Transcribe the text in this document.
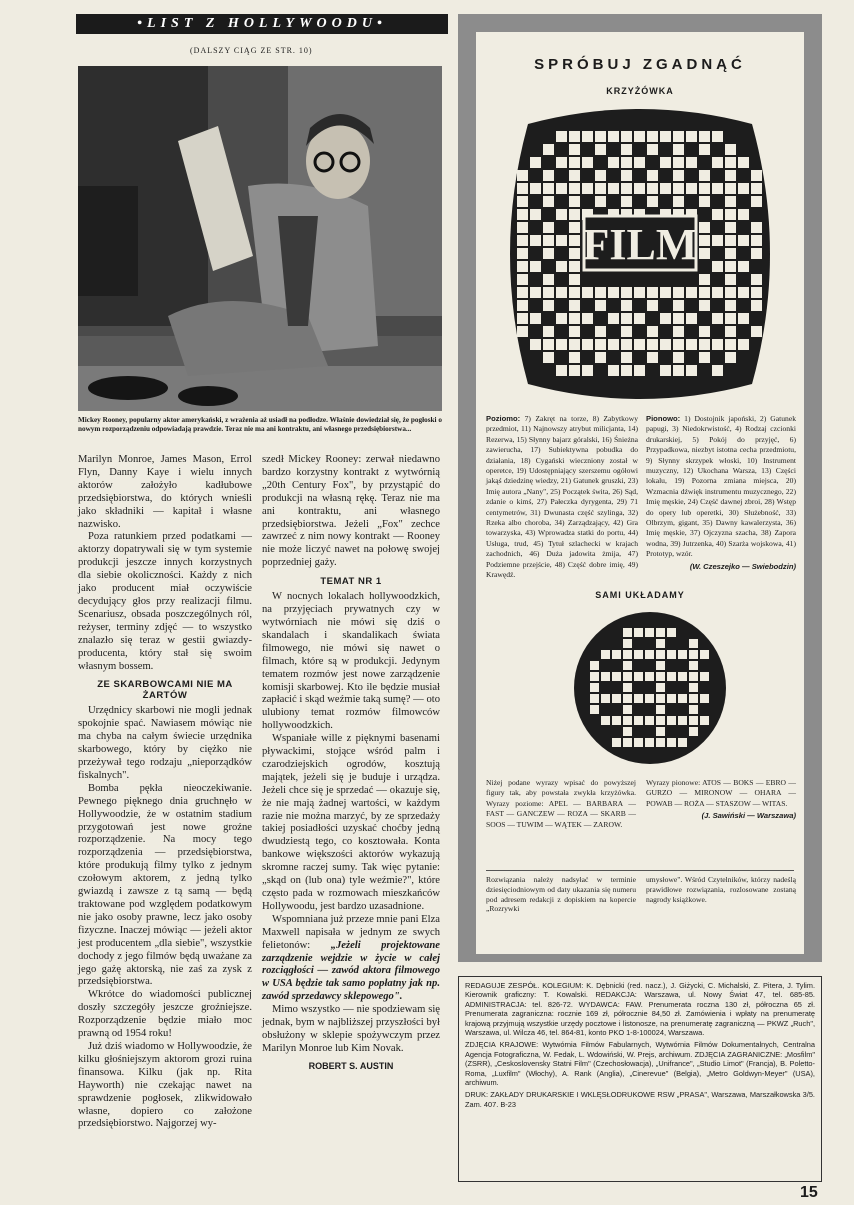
•LIST Z HOLLYWOODU•
(DALSZY CIĄG ZE STR. 10)
Mickey Rooney, popularny aktor amerykański, z wrażenia aż usiadł na podłodze. Właśnie dowiedział się, że pogłoski o nowym rozporządzeniu odpowiadają prawdzie. Teraz nie ma ani kontraktu, ani własnego przedsiębiorstwa...

Marilyn Monroe, James Mason, Errol Flyn, Danny Kaye i wielu innych aktorów założyło kadłubowe przedsiębiorstwa, do których wnieśli jako składniki — kapitał i własne nazwisko.

Poza ratunkiem przed podatkami — aktorzy dopatrywali się w tym systemie produkcji jeszcze innych korzystnych dla siebie okoliczności. Każdy z nich jako producent miał oczywiście decydujący głos przy realizacji filmu. Scenariusz, obsada poszczególnych ról, reżyser, terminy zdjęć — to wszystko znalazło się teraz w gestii gwiazdy-producenta, który stał się swoim własnym bossem.

ZE SKARBOWCAMI NIE MA ŻARTÓW

Urzędnicy skarbowi nie mogli jednak spokojnie spać. Nawiasem mówiąc nie ma chyba na całym świecie urzędnika skarbowego, który by ciężko nie przeżywał tego rodzaju „nieporządków fiskalnych".

Bomba pękła nieoczekiwanie. Pewnego pięknego dnia gruchnęło w Hollywoodzie, że w ostatnim stadium przygotowań jest nowe groźne rozporządzenie. Na mocy tego rozporządzenia — przedsiębiorstwa, które produkują filmy tylko z jednym czołowym aktorem, z jedną tylko gwiazdą i zawsze z tą samą — będą traktowane pod względem podatkowym nie jako osoby prawne, lecz jako osoby fizyczne. Inaczej mówiąc — jeżeli aktor jest producentem „dla siebie", wszystkie dochody z jego filmów będą uważane za jego gażę aktorską, nie zaś za zysk z przedsiębiorstwa.

Wkrótce do wiadomości publicznej doszły szczegóły jeszcze groźniejsze. Rozporządzenie będzie miało moc prawną od 1954 roku!

Już dziś wiadomo w Hollywoodzie, że kilku głośniejszym aktorom grozi ruina finansowa. Kilku (jak np. Rita Hayworth) nie czekając nawet na sprawdzenie pogłosek, zlikwidowało własne, dopiero co założone przedsiębiorstwo. Najgorzej wy-

szedł Mickey Rooney: zerwał niedawno bardzo korzystny kontrakt z wytwórnią „20th Century Fox", by przystąpić do produkcji na własną rękę. Teraz nie ma ani kontraktu, ani własnego przedsiębiorstwa. Jeżeli „Fox" zechce zawrzeć z nim nowy kontrakt — Rooney nie może liczyć nawet na połowę swojej poprzedniej gaży.

TEMAT NR 1

W nocnych lokalach hollywoodzkich, na przyjęciach prywatnych czy w wytwórniach nie mówi się dziś o skandalach i skandalikach świata filmowego, nie mówi się nawet o filmach, które są w produkcji. Jedynym tematem rozmów jest nowe zarządzenie komisji skarbowej. Kto ile będzie musiał zapłacić i skąd weźmie taką sumę? — oto ulubiony temat rozmów filmowców hollywoodzkich.

Wspaniałe wille z pięknymi basenami pływackimi, stojące wśród palm i czarodziejskich ogrodów, kosztują majątek, jeżeli się je buduje i urządza. Jeżeli chce się je sprzedać — okazuje się, że nie mają żadnej wartości, w każdym razie nie można marzyć, by ze sprzedaży takiej posiadłości uzyskać choćby jedną dwudziestą tego, co kosztowała. Konta bankowe większości aktorów wykazują skromne raczej sumy. Tak więc pytanie: „skąd on (lub ona) tyle weźmie?", które często pada w rozmowach mieszkańców Hollywoodu, jest bardzo uzasadnione.

Wspomniana już przeze mnie pani Elza Maxwell napisała w jednym ze swych felietonów: „Jeżeli projektowane zarządzenie wejdzie w życie w całej rozciągłości — zawód aktora filmowego w USA będzie tak samo popłatny jak np. zawód sprzedawcy sklepowego".

Mimo wszystko — nie spodziewam się jednak, bym w najbliższej przyszłości był obsłużony w sklepie spożywczym przez Marilyn Monroe lub Kim Novak.

ROBERT S. AUSTIN
SPRÓBUJ ZGADNĄĆ
KRZYŻÓWKA
FILM
Poziomo: 7) Zakręt na torze, 8) Zabytkowy przedmiot, 11) Najnowszy atrybut milicjanta, 14) Rezerwa, 15) Słynny bajarz góralski, 16) Śnieżna zawierucha, 17) Subiektywna pobudka do działania, 18) Cygański wieczniony został w operetce, 19) Udostępniający szerszemu ogółowi jakąś dziedzinę wiedzy, 21) Gatunek gruszki, 23) Imię autora „Nany", 25) Początek świta, 26) Sąd, zdanie o kimś, 27) Pałeczka dyrygenta, 29) 71 centymetrów, 31) Dwunasta część szylinga, 32) Rzeka albo choroba, 34) Zarządzający, 42) Gra towarzyska, 43) Wprowadza statki do portu, 44) Usługa, trud, 45) Tytuł szlachecki w krajach zachodnich, 46) Duża jadowita żmija, 47) Podziemne przejście, 48) Część dobre imię, 49) Krawędź.
Pionowo: 1) Dostojnik japoński, 2) Gatunek papugi, 3) Niedokrwistość, 4) Rodzaj czcionki drukarskiej, 5) Pokój do przyjęć, 6) Przypadkowa, niezbyt istotna cecha przedmiotu, 9) Słynny skrzypek włoski, 10) Instrument muzyczny, 12) Ukochana Warsza, 13) Części lokalu, 19) Pozorna zmiana miejsca, 20) Wzmacnia dźwięk instrumentu muzycznego, 22) Imię męskie, 24) Część dawnej zbroi, 28) Wstęp do opery lub operetki, 30) Służebność, 33) Olbrzym, gigant, 35) Dawny kawalerzysta, 36) Imię męskie, 37) Ojczyzna szacha, 38) Zapora wodna, 39) Jutrzenka, 40) Szarża wojskowa, 41) Prototyp, wzór.
(W. Czeszejko — Swiebodzin)
SAMI UKŁADAMY
Niżej podane wyrazy wpisać do powyższej figury tak, aby powstała zwykła krzyżówka. Wyrazy poziome: APEL — BARBARA — FAST — GANCZEW — ROZA — SKARB — SOOS — TUWIM — WĄTEK — ZAROW.
Wyrazy pionowe: ATOS — BOKS — EBRO — GURZO — MIRONOW — OHARA — POWAB — ROŻA — STASZOW — WITAS.
(J. Sawiński — Warszawa)
Rozwiązania należy nadsyłać w terminie dziesięciodniowym od daty ukazania się numeru pod adresem redakcji z dopiskiem na kopercie „Rozrywki
umysłowe". Wśród Czytelników, którzy nadeślą prawidłowe rozwiązania, rozlosowane zostaną nagrody książkowe.

REDAGUJE ZESPÓŁ. KOLEGIUM: K. Dębnicki (red. nacz.), J. Giżycki, C. Michalski, Z. Pitera, J. Tylim. Kierownik graficzny: T. Kowalski. REDAKCJA: Warszawa, ul. Nowy Świat 47, tel. 685-85. ADMINISTRACJA: tel. 826-72. WYDAWCA: FAW. Prenumerata roczna 130 zł, półroczna 65 zł. Prenumerata zagraniczna: rocznie 169 zł, półrocznie 84,50 zł. Zamówienia i wpłaty na prenumeratę krajową przyjmują wszystkie urzędy pocztowe i listonosze, na prenumeratę zagraniczną — PKWZ „Ruch", Warszawa, ul. Wilcza 46, tel. 864-81, konto PKO 1-8-100024, Warszawa.

ZDJĘCIA KRAJOWE: Wytwórnia Filmów Fabularnych, Wytwórnia Filmów Dokumentalnych, Centralna Agencja Fotograficzna, W. Fedak, L. Wdowiński, W. Prejs, archiwum. ZDJĘCIA ZAGRANICZNE: „Mosfilm" (ZSRR), „Ceskoslovensky Statni Film" (Czechosłowacja), „Unifrance", „Studio Limot" (Francja), B. Poletto-Roma, „Luxfilm" (Włochy), A. Rank (Anglia), „Cinerevue" (Belgia), „Metro Goldwyn-Meyer" (USA), archiwum.

DRUK: ZAKŁADY DRUKARSKIE I WKLĘSŁODRUKOWE RSW „PRASA", Warszawa, Marszałkowska 3/5. Zam. 407. B-23

15
